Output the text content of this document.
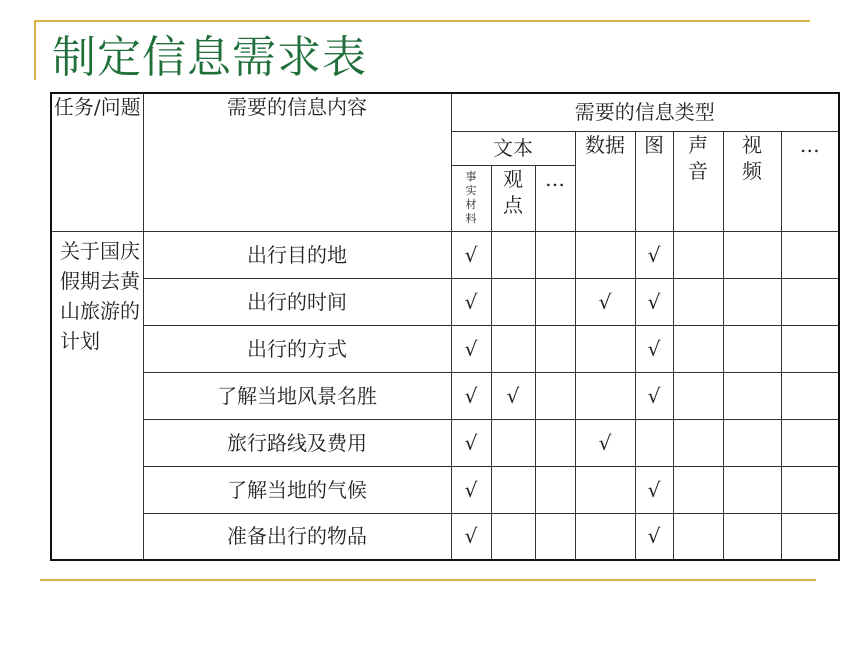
制定信息需求表
任务/问题	需要的信息内容	需要的信息类型							
		文本			数据	图	声音	视频	…
		事实材料	观点	…					
关于国庆假期去黄山旅游的计划	出行目的地	√				√			
	出行的时间	√			√	√			
	出行的方式	√				√			
	了解当地风景名胜	√	√			√			
	旅行路线及费用	√			√				
	了解当地的气候	√				√			
	准备出行的物品	√				√			
